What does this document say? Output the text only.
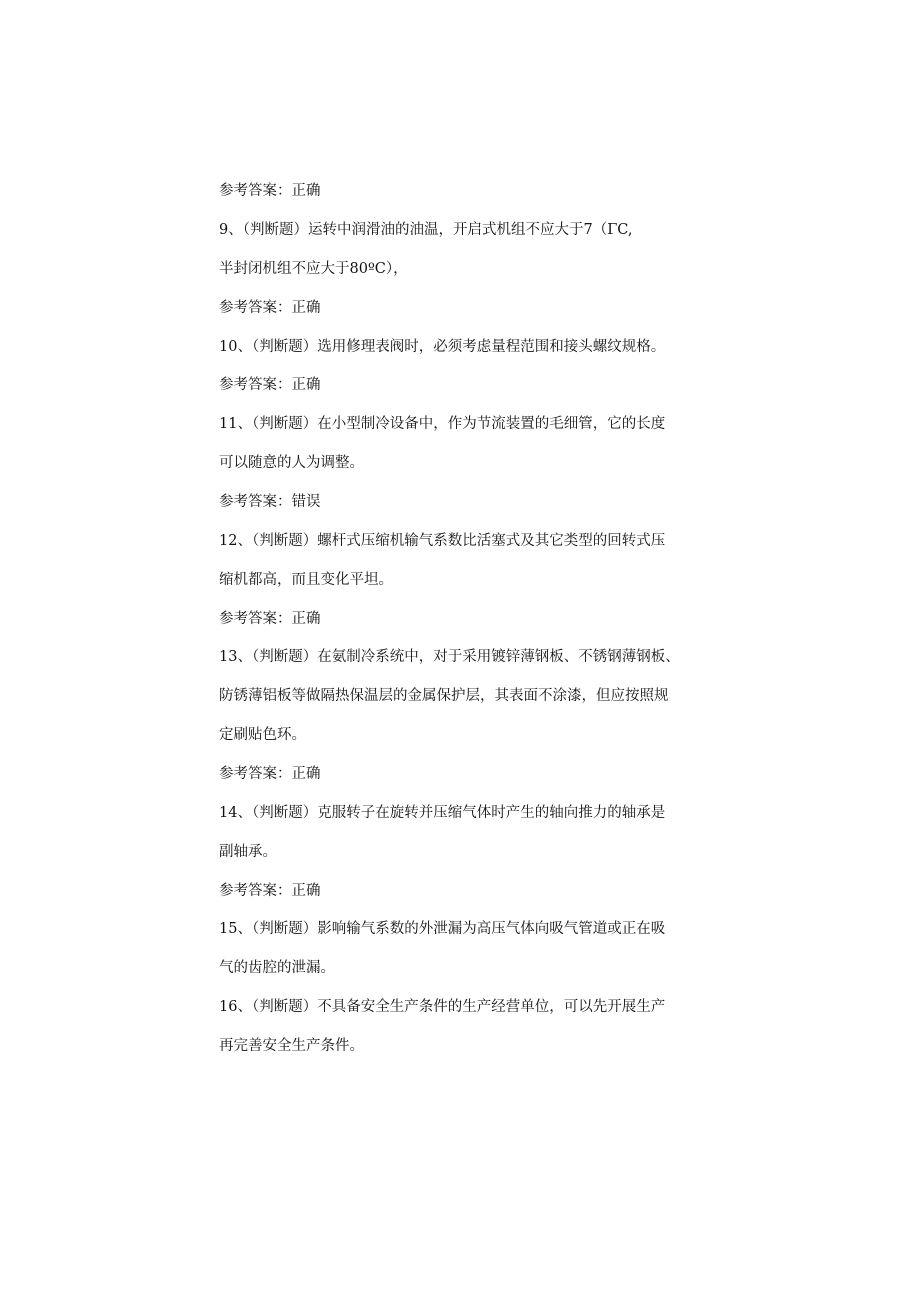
参考答案：正确
9、（判断题）运转中润滑油的油温，开启式机组不应大于7（ΓC,
半封闭机组不应大于80ºC），
参考答案：正确
10、（判断题）选用修理表阀时，必须考虑量程范围和接头螺纹规格。
参考答案：正确
11、（判断题）在小型制冷设备中，作为节流装置的毛细管，它的长度
可以随意的人为调整。
参考答案：错误
12、（判断题）螺杆式压缩机输气系数比活塞式及其它类型的回转式压
缩机都高，而且变化平坦。
参考答案：正确
13、（判断题）在氨制冷系统中，对于采用镀锌薄钢板、不锈钢薄钢板、
防锈薄铝板等做隔热保温层的金属保护层，其表面不涂漆，但应按照规
定刷贴色环。
参考答案：正确
14、（判断题）克服转子在旋转并压缩气体时产生的轴向推力的轴承是
副轴承。
参考答案：正确
15、（判断题）影响输气系数的外泄漏为高压气体向吸气管道或正在吸
气的齿腔的泄漏。
16、（判断题）不具备安全生产条件的生产经营单位，可以先开展生产
再完善安全生产条件。
